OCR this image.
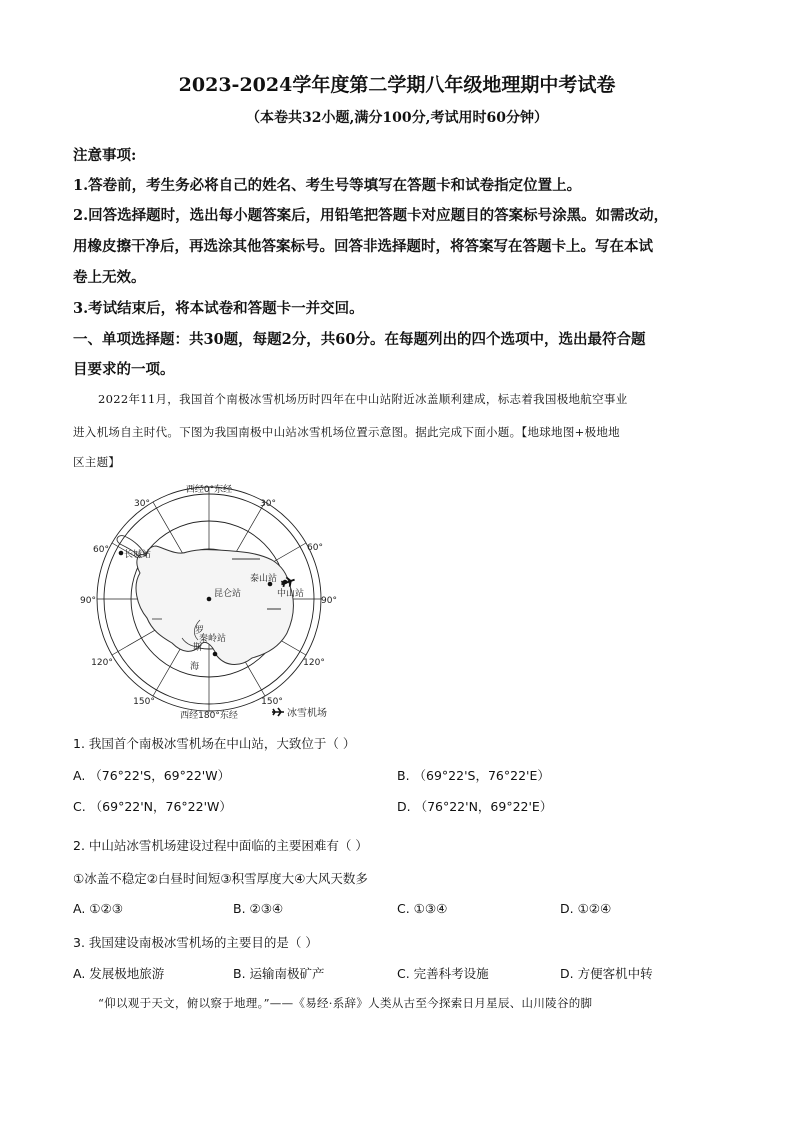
2023-2024学年度第二学期八年级地理期中考试卷
（本卷共32小题,满分100分,考试用时60分钟）
注意事项:
1.答卷前，考生务必将自己的姓名、考生号等填写在答题卡和试卷指定位置上。
2.回答选择题时，选出每小题答案后，用铅笔把答题卡对应题目的答案标号涂黑。如需改动，
用橡皮擦干净后，再选涂其他答案标号。回答非选择题时，将答案写在答题卡上。写在本试
卷上无效。
3.考试结束后，将本试卷和答题卡一并交回。
一、单项选择题：共30题，每题2分，共60分。在每题列出的四个选项中，选出最符合题
目要求的一项。
2022年11月，我国首个南极冰雪机场历时四年在中山站附近冰盖顺利建成，标志着我国极地航空事业
进入机场自主时代。下图为我国南极中山站冰雪机场位置示意图。据此完成下面小题。【地球地图+极地地
区主题】
西经0°东经
西经180°东经
30°	30°
60°	60°
90°	90°
120°	120°
150°	150°
长城站
泰山站
中山站
昆仑站
秦岭站
罗
斯
海
冰雪机场
1. 我国首个南极冰雪机场在中山站，大致位于（ ）
A. （76°22'S，69°22'W）	B. （69°22'S，76°22'E）
C. （69°22'N，76°22'W）	D. （76°22'N，69°22'E）
2. 中山站冰雪机场建设过程中面临的主要困难有（ ）
①冰盖不稳定②白昼时间短③积雪厚度大④大风天数多
A. ①②③	B. ②③④	C. ①③④	D. ①②④
3. 我国建设南极冰雪机场的主要目的是（ ）
A. 发展极地旅游	B. 运输南极矿产	C. 完善科考设施	D. 方便客机中转
“仰以观于天文，俯以察于地理。”——《易经·系辞》人类从古至今探索日月星辰、山川陵谷的脚
